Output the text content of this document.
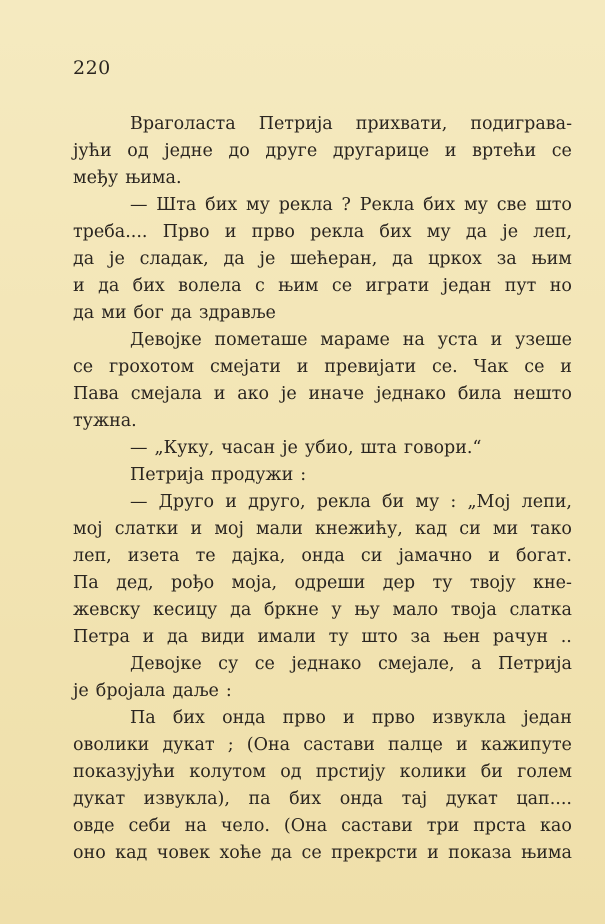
220
Враголаста Петрија прихвати, подиграва-
јући од једне до друге другарице и вртећи се
међу њима.
— Шта бих му рекла ? Рекла бих му све што
треба.... Прво и прво рекла бих му да је леп,
да је сладак, да је шећеран, да цркох за њим
и да бих волела с њим се играти један пут но
да ми бог да здравље
Девојке пометаше мараме на уста и узеше
се грохотом смејати и превијати се. Чак се и
Пава смејала и ако је иначе једнако била нешто
тужна.
— „Куку, часан је убио, шта говори.“
Петрија продужи :
— Друго и друго, рекла би му : „Мој лепи,
мој слатки и мој мали кнежићу, кад си ми тако
леп, изета те дајка, онда си јамачно и богат.
Па дед, рођо моја, одреши дер ту твоју кне-
жевску кесицу да бркне у њу мало твоја слатка
Петра и да види имали ту што за њен рачун ..
Девојке су се једнако смејале, а Петрија
је бројала даље :
Па бих онда прво и прво извукла један
оволики дукат ; (Она састави палце и кажипуте
показујући колутом од прстију колики би голем
дукат извукла), па бих онда тај дукат цап....
овде себи на чело. (Она састави три прста као
оно кад човек хоће да се прекрсти и показа њима
